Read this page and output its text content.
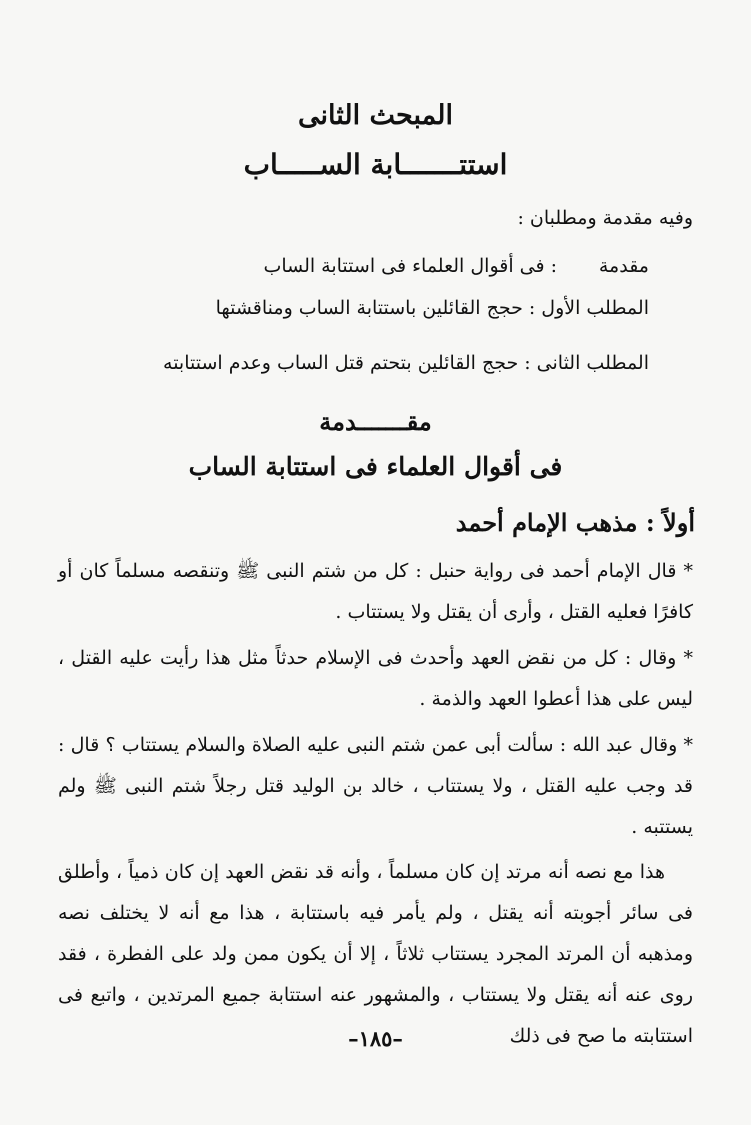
المبحث الثانى
استتـــــــابة الســـــاب
وفيه مقدمة ومطلبان :
مقدمة:فى أقوال العلماء فى استتابة الساب
المطلب الأول:حجج القائلين باستتابة الساب ومناقشتها
المطلب الثانى:حجج القائلين بتحتم قتل الساب وعدم استتابته
مقـــــــدمة
فى أقوال العلماء فى استتابة الساب
أولاً : مذهب الإمام أحمد
* قال الإمام أحمد فى رواية حنبل : كل من شتم النبى ﷺ وتنقصه مسلماً كان أو كافرًا فعليه القتل ، وأرى أن يقتل ولا يستتاب .
* وقال : كل من نقض العهد وأحدث فى الإسلام حدثاً مثل هذا رأيت عليه القتل ، ليس على هذا أعطوا العهد والذمة .
* وقال عبد الله : سألت أبى عمن شتم النبى عليه الصلاة والسلام يستتاب ؟ قال : قد وجب عليه القتل ، ولا يستتاب ، خالد بن الوليد قتل رجلاً شتم النبى ﷺ ولم يستتبه .
هذا مع نصه أنه مرتد إن كان مسلماً ، وأنه قد نقض العهد إن كان ذمياً ، وأطلق فى سائر أجوبته أنه يقتل ، ولم يأمر فيه باستتابة ، هذا مع أنه لا يختلف نصه ومذهبه أن المرتد المجرد يستتاب ثلاثاً ، إلا أن يكون ممن ولد على الفطرة ، فقد روى عنه أنه يقتل ولا يستتاب ، والمشهور عنه استتابة جميع المرتدين ، واتبع فى استتابته ما صح فى ذلك
–١٨٥–
